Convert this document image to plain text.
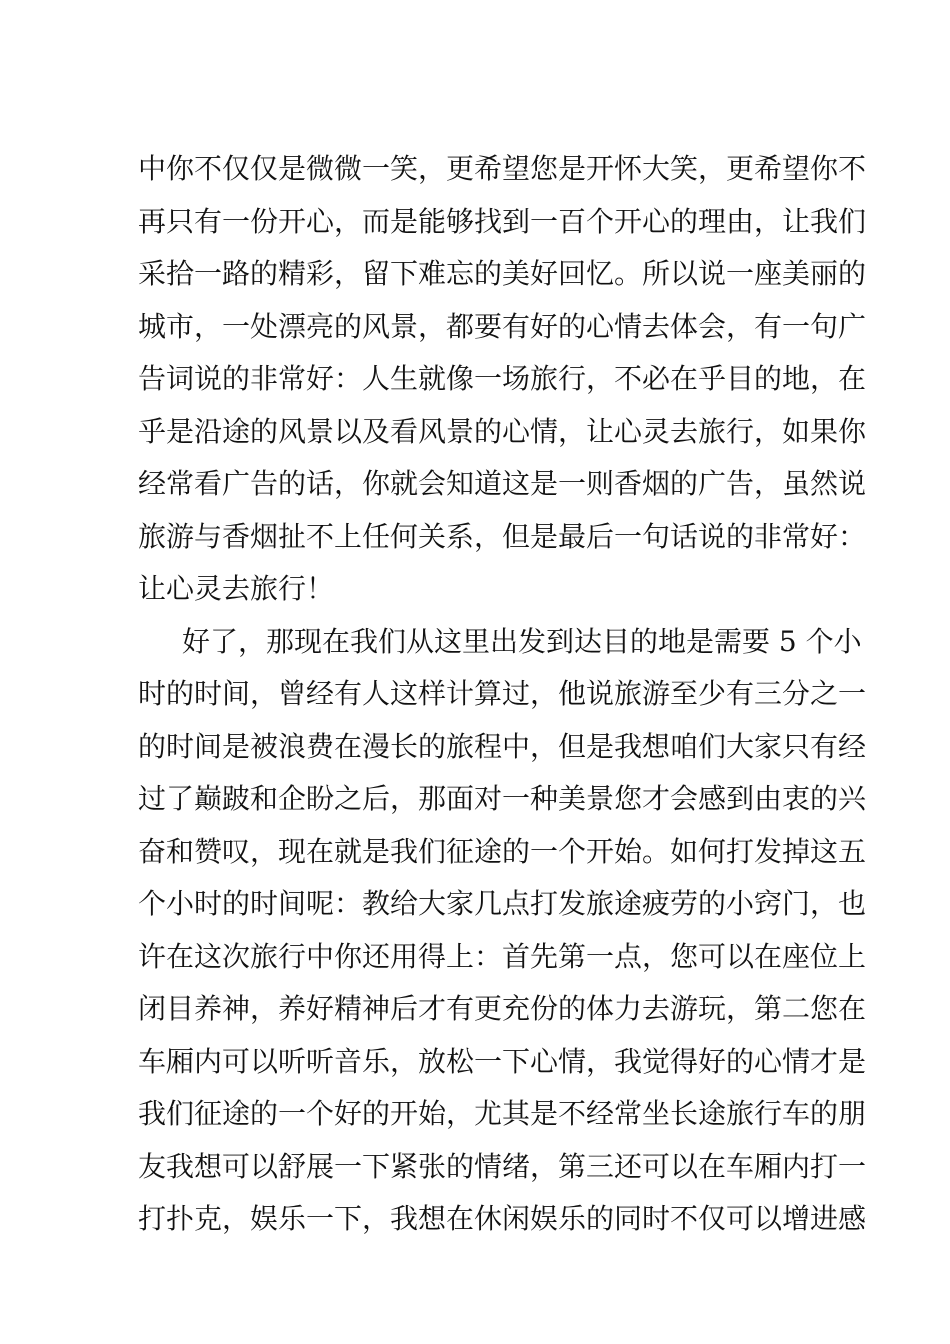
中你不仅仅是微微一笑，更希望您是开怀大笑，更希望你不
再只有一份开心，而是能够找到一百个开心的理由，让我们
采拾一路的精彩，留下难忘的美好回忆。所以说一座美丽的
城市，一处漂亮的风景，都要有好的心情去体会，有一句广
告词说的非常好：人生就像一场旅行，不必在乎目的地，在
乎是沿途的风景以及看风景的心情，让心灵去旅行，如果你
经常看广告的话，你就会知道这是一则香烟的广告，虽然说
旅游与香烟扯不上任何关系，但是最后一句话说的非常好：
让心灵去旅行！
好了，那现在我们从这里出发到达目的地是需要 5 个小
时的时间，曾经有人这样计算过，他说旅游至少有三分之一
的时间是被浪费在漫长的旅程中，但是我想咱们大家只有经
过了巅跛和企盼之后，那面对一种美景您才会感到由衷的兴
奋和赞叹，现在就是我们征途的一个开始。如何打发掉这五
个小时的时间呢：教给大家几点打发旅途疲劳的小窍门，也
许在这次旅行中你还用得上：首先第一点，您可以在座位上
闭目养神，养好精神后才有更充份的体力去游玩，第二您在
车厢内可以听听音乐，放松一下心情，我觉得好的心情才是
我们征途的一个好的开始，尤其是不经常坐长途旅行车的朋
友我想可以舒展一下紧张的情绪，第三还可以在车厢内打一
打扑克，娱乐一下，我想在休闲娱乐的同时不仅可以增进感
